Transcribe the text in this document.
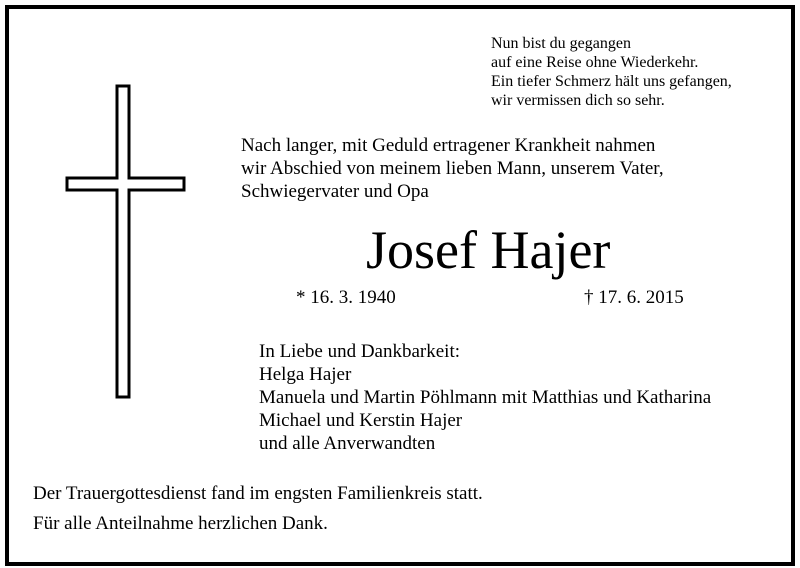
Nun bist du gegangen
auf eine Reise ohne Wiederkehr.
Ein tiefer Schmerz hält uns gefangen,
wir vermissen dich so sehr.
Nach langer, mit Geduld ertragener Krankheit nahmen
wir Abschied von meinem lieben Mann, unserem Vater,
Schwiegervater und Opa
Josef Hajer
* 16. 3. 1940	† 17. 6. 2015
In Liebe und Dankbarkeit:
Helga Hajer
Manuela und Martin Pöhlmann mit Matthias und Katharina
Michael und Kerstin Hajer
und alle Anverwandten
Der Trauergottesdienst fand im engsten Familienkreis statt.
Für alle Anteilnahme herzlichen Dank.
